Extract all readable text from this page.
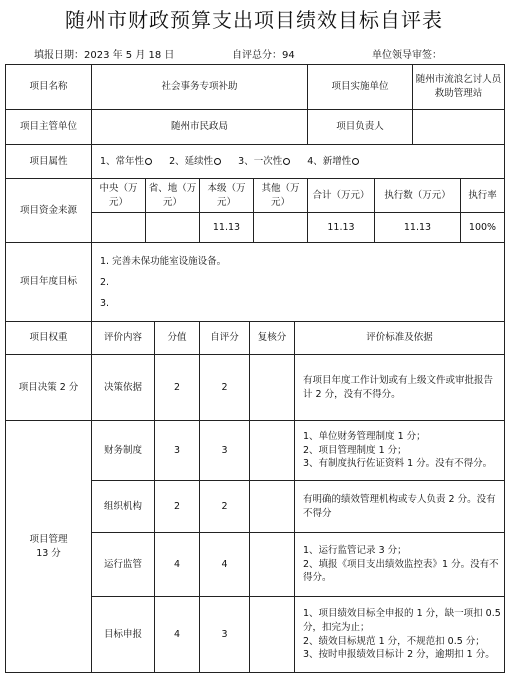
随州市财政预算支出项目绩效目标自评表
填报日期：2023 年 5 月 18 日	自评总分：94	单位领导审签：
项目名称	社会事务专项补助				项目实施单位		随州市流浪乞讨人员救助管理站	
项目主管单位	随州市民政局				项目负责人			
项目属性	1、常年性 2、延续性 3、一次性 4、新增性							
项目资金来源	中央（万元）	省、地（万元）	本级（万元）	其他（万元）	合计（万元）	执行数（万元）		执行率
			11.13		11.13	11.13		100%
项目年度目标	1. 完善未保功能室设施设备。
2.
3.							
项目权重	评价内容	分值	自评分	复核分	评价标准及依据
项目决策 2 分	决策依据	2	2		有项目年度工作计划或有上级文件或审批报告计 2 分，没有不得分。

项目管理
13 分	财务制度	3	3		1、单位财务管理制度 1 分；
2、项目管理制度 1 分；
3、有制度执行佐证资料 1 分。没有不得分。

	组织机构	2	2		有明确的绩效管理机构或专人负责 2 分。没有不得分

	运行监管	4	4		1、运行监管记录 3 分；
2、填报《项目支出绩效监控表》1 分。没有不得分。

	目标申报	4	3		1、项目绩效目标全申报的 1 分，缺一项扣 0.5 分，扣完为止；
2、绩效目标规范 1 分，不规范扣 0.5 分；
3、按时申报绩效目标计 2 分，逾期扣 1 分。
